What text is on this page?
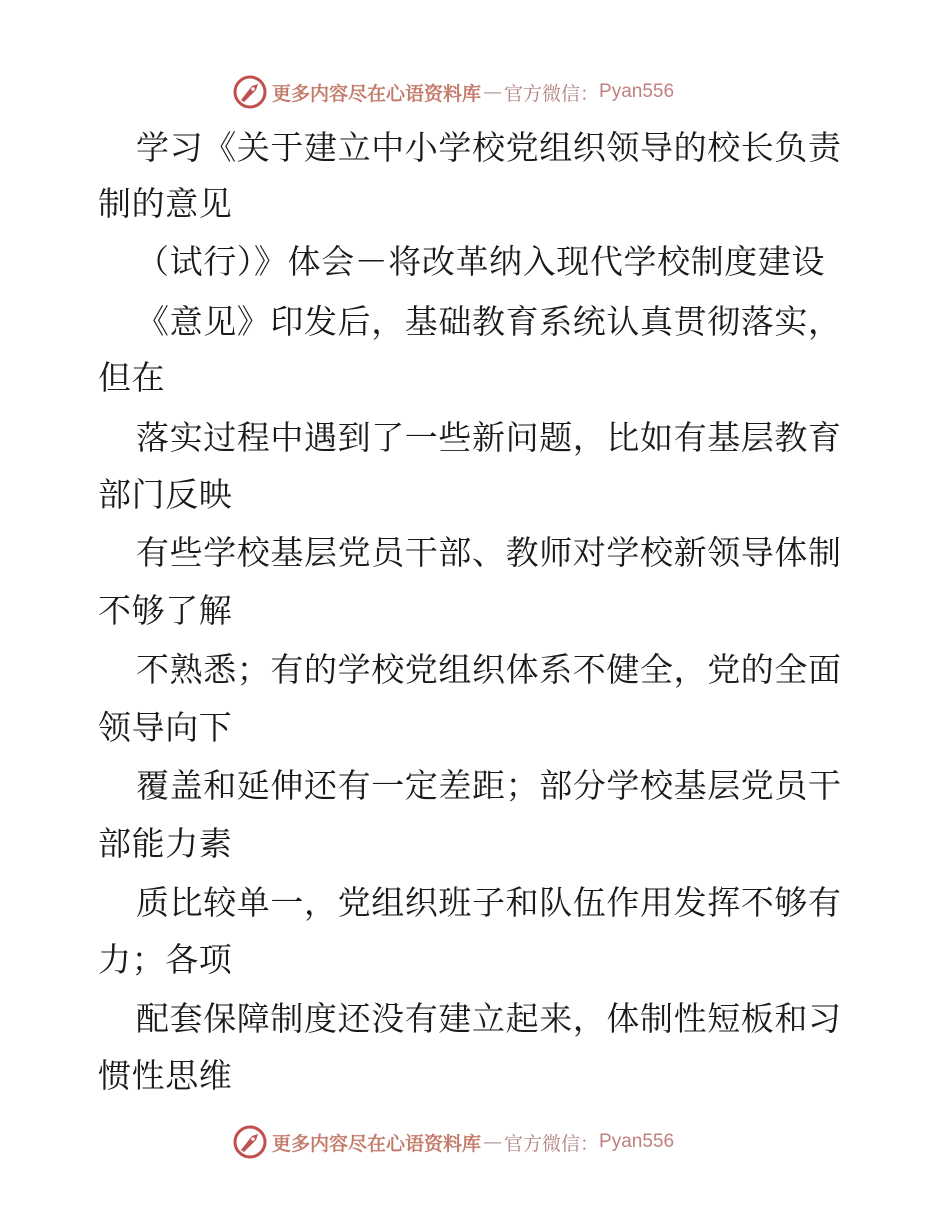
更多内容尽在心语资料库 — 官方微信： Pyan556
学习《关于建立中小学校党组织领导的校长负责
制的意见
（试行）》体会－将改革纳入现代学校制度建设
《意见》印发后，基础教育系统认真贯彻落实，
但在
落实过程中遇到了一些新问题，比如有基层教育
部门反映
有些学校基层党员干部、教师对学校新领导体制
不够了解
不熟悉；有的学校党组织体系不健全，党的全面
领导向下
覆盖和延伸还有一定差距；部分学校基层党员干
部能力素
质比较单一，党组织班子和队伍作用发挥不够有
力；各项
配套保障制度还没有建立起来，体制性短板和习
惯性思维
更多内容尽在心语资料库 — 官方微信： Pyan556
